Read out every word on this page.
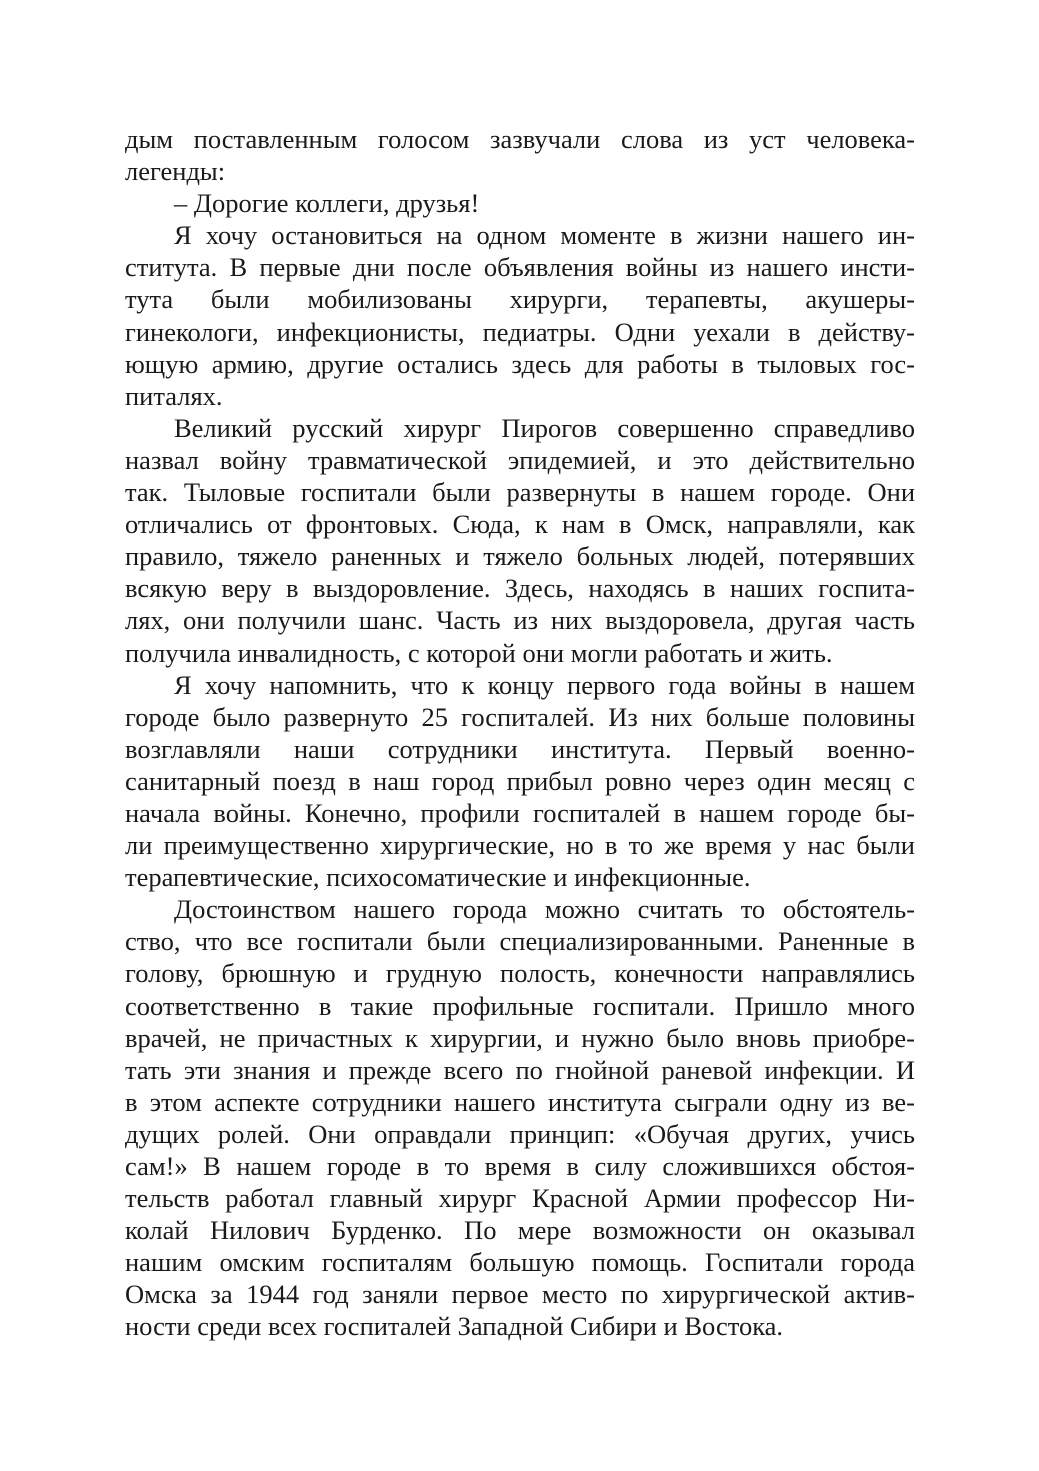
дым поставленным голосом зазвучали слова из уст человека-
легенды:
– Дорогие коллеги, друзья!
Я хочу остановиться на одном моменте в жизни нашего ин-
ститута. В первые дни после объявления войны из нашего инсти-
тута были мобилизованы хирурги, терапевты, акушеры-
гинекологи, инфекционисты, педиатры. Одни уехали в действу-
ющую армию, другие остались здесь для работы в тыловых гос-
питалях.
Великий русский хирург Пирогов совершенно справедливо
назвал войну травматической эпидемией, и это действительно
так. Тыловые госпитали были развернуты в нашем городе. Они
отличались от фронтовых. Сюда, к нам в Омск, направляли, как
правило, тяжело раненных и тяжело больных людей, потерявших
всякую веру в выздоровление. Здесь, находясь в наших госпита-
лях, они получили шанс. Часть из них выздоровела, другая часть
получила инвалидность, с которой они могли работать и жить.
Я хочу напомнить, что к концу первого года войны в нашем
городе было развернуто 25 госпиталей. Из них больше половины
возглавляли наши сотрудники института. Первый военно-
санитарный поезд в наш город прибыл ровно через один месяц с
начала войны. Конечно, профили госпиталей в нашем городе бы-
ли преимущественно хирургические, но в то же время у нас были
терапевтические, психосоматические и инфекционные.
Достоинством нашего города можно считать то обстоятель-
ство, что все госпитали были специализированными. Раненные в
голову, брюшную и грудную полость, конечности направлялись
соответственно в такие профильные госпитали. Пришло много
врачей, не причастных к хирургии, и нужно было вновь приобре-
тать эти знания и прежде всего по гнойной раневой инфекции. И
в этом аспекте сотрудники нашего института сыграли одну из ве-
дущих ролей. Они оправдали принцип: «Обучая других, учись
сам!» В нашем городе в то время в силу сложившихся обстоя-
тельств работал главный хирург Красной Армии профессор Ни-
колай Нилович Бурденко. По мере возможности он оказывал
нашим омским госпиталям большую помощь. Госпитали города
Омска за 1944 год заняли первое место по хирургической актив-
ности среди всех госпиталей Западной Сибири и Востока.
